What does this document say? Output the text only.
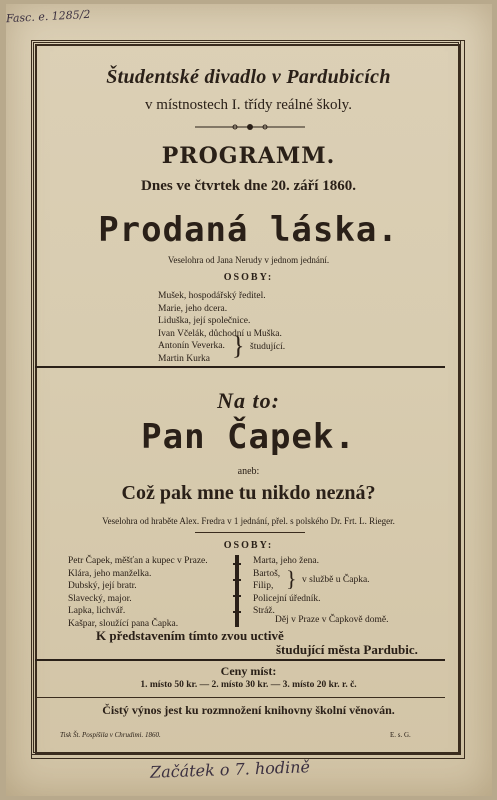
Fasc. e. 1285/2
Študentské divadlo v Pardubicích
v místnostech I. třídy reálné školy.
PROGRAMM.
Dnes ve čtvrtek dne 20. září 1860.
Prodaná láska.
Veselohra od Jana Nerudy v jednom jednání.
OSOBY:
Mušek, hospodářský ředitel.
Marie, jeho dcera.
Liduška, její společnice.
Ivan Včelák, důchodní u Muška.
Antonín Veverka.
Martin Kurka } študující.
Na to:
Pan Čapek.
aneb:
Což pak mne tu nikdo nezná?
Veselohra od hraběte Alex. Fredra v 1 jednání, přel. s polského Dr. Frt. L. Rieger.
OSOBY:
Petr Čapek, měšťan a kupec v Praze.
Klára, jeho manželka.
Dubský, její bratr.
Slavecký, major.
Lapka, lichvář.
Kašpar, sloužící pana Čapka.
Marta, jeho žena.
Bartoš,
Filip,
Policejní úředník.
Stráž.
} v službě u Čapka.
Děj v Praze v Čapkově domě.
K představením tímto zvou uctivě
študující města Pardubic.
Ceny míst:
1. místo 50 kr. — 2. místo 30 kr. — 3. místo 20 kr. r. č.
Čistý výnos jest ku rozmnožení knihovny školní věnován.
Tisk Št. Pospíšila v Chrudimi. 1860.	E. s. G.
Začátek o 7. hodině
